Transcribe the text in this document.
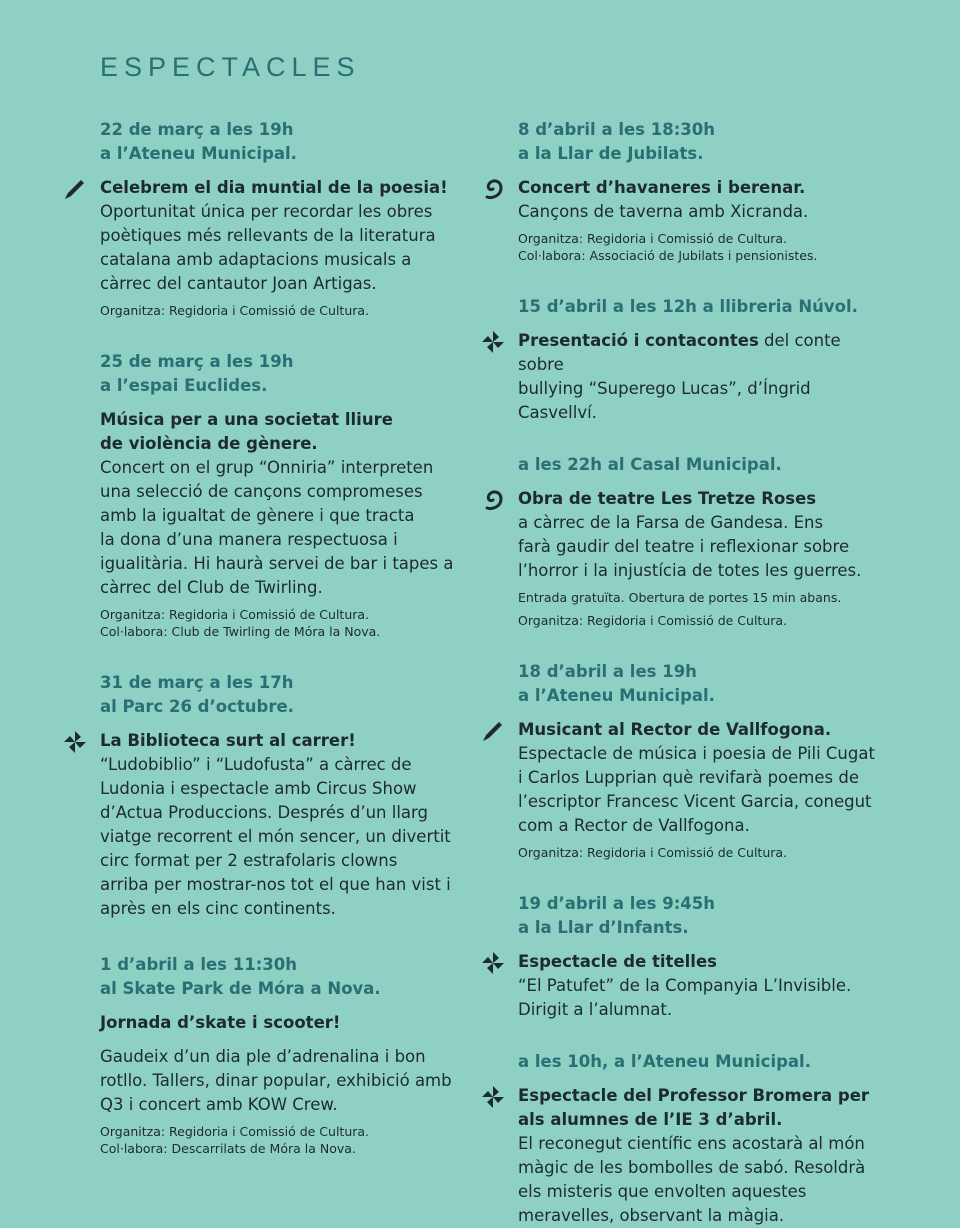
ESPECTACLES

22 de març a les 19h

a l’Ateneu Municipal.

Celebrem el dia muntial de la poesia!

Oportunitat única per recordar les obres

poètiques més rellevants de la literatura

catalana amb adaptacions musicals a

càrrec del cantautor Joan Artigas.

Organitza: Regidoria i Comissió de Cultura.

25 de març a les 19h

a l’espai Euclides.

Música per a una societat lliure

de violència de gènere.

Concert on el grup “Onniria” interpreten

una selecció de cançons compromeses

amb la igualtat de gènere i que tracta

la dona d’una manera respectuosa i

igualitària. Hi haurà servei de bar i tapes a

càrrec del Club de Twirling.

Organitza: Regidoria i Comissió de Cultura.

Col·labora: Club de Twirling de Móra la Nova.

31 de març a les 17h

al Parc 26 d’octubre.

La Biblioteca surt al carrer!

“Ludobiblio” i “Ludofusta” a càrrec de

Ludonia i espectacle amb Circus Show

d’Actua Produccions. Després d’un llarg

viatge recorrent el món sencer, un divertit

circ format per 2 estrafolaris clowns

arriba per mostrar-nos tot el que han vist i

après en els cinc continents.

1 d’abril a les 11:30h

al Skate Park de Móra a Nova.

Jornada d’skate i scooter!

Gaudeix d’un dia ple d’adrenalina i bon

rotllo. Tallers, dinar popular, exhibició amb

Q3 i concert amb KOW Crew.

Organitza: Regidoria i Comissió de Cultura.

Col·labora: Descarrilats de Móra la Nova.

8 d’abril a les 18:30h

a la Llar de Jubilats.

Concert d’havaneres i berenar.

Cançons de taverna amb Xicranda.

Organitza: Regidoria i Comissió de Cultura.

Col·labora: Associació de Jubilats i pensionistes.

15 d’abril a les 12h a llibreria Núvol.

Presentació i contacontes del conte sobre

bullying “Superego Lucas”, d’Íngrid Casvellví.

a les 22h al Casal Municipal.

Obra de teatre Les Tretze Roses

a càrrec de la Farsa de Gandesa. Ens

farà gaudir del teatre i reflexionar sobre

l’horror i la injustícia de totes les guerres.

Entrada gratuïta. Obertura de portes 15 min abans.

Organitza: Regidoria i Comissió de Cultura.

18 d’abril a les 19h

a l’Ateneu Municipal.

Musicant al Rector de Vallfogona.

Espectacle de música i poesia de Pili Cugat

i Carlos Lupprian què revifarà poemes de

l’escriptor Francesc Vicent Garcia, conegut

com a Rector de Vallfogona.

Organitza: Regidoria i Comissió de Cultura.

19 d’abril a les 9:45h

a la Llar d’Infants.

Espectacle de titelles

“El Patufet” de la Companyia L’Invisible.

Dirigit a l’alumnat.

a les 10h, a l’Ateneu Municipal.

Espectacle del Professor Bromera per

als alumnes de l’IE 3 d’abril.

El reconegut científic ens acostarà al món

màgic de les bombolles de sabó. Resoldrà

els misteris que envolten aquestes

meravelles, observant la màgia.
